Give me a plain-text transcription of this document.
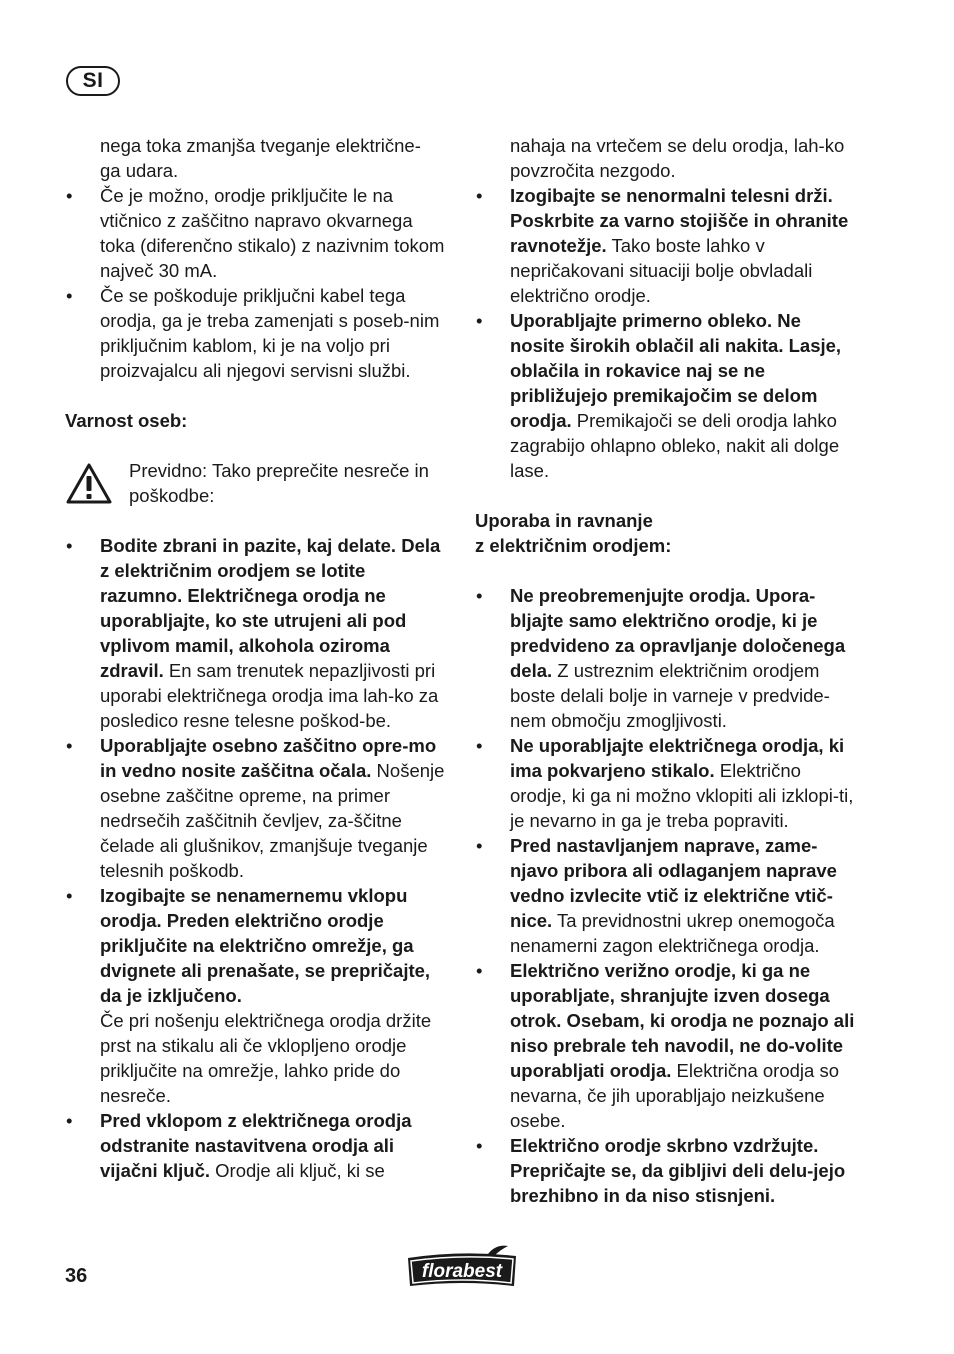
SI

nega toka zmanjša tveganje električne-
ga udara.

• Če je možno, orodje priključite le na vtičnico z zaščitno napravo okvarnega toka (diferenčno stikalo) z nazivnim tokom največ 30 mA.

• Če se poškoduje priključni kabel tega orodja, ga je treba zamenjati s poseb-nim priključnim kablom, ki je na voljo pri proizvajalcu ali njegovi servisni službi.

Varnost oseb:

Previdno: Tako preprečite nesreče in poškodbe:

• Bodite zbrani in pazite, kaj delate. Dela z električnim orodjem se lotite razumno. Električnega orodja ne uporabljajte, ko ste utrujeni ali pod vplivom mamil, alkohola oziroma zdravil. En sam trenutek nepazljivosti pri uporabi električnega orodja ima lah-ko za posledico resne telesne poškod-be.

• Uporabljajte osebno zaščitno opre-mo in vedno nosite zaščitna očala. Nošenje osebne zaščitne opreme, na primer nedrsečih zaščitnih čevljev, za-ščitne čelade ali glušnikov, zmanjšuje tveganje telesnih poškodb.

• Izogibajte se nenamernemu vklopu orodja. Preden električno orodje priključite na električno omrežje, ga dvignete ali prenašate, se prepričajte, da je izključeno.

Če pri nošenju električnega orodja držite prst na stikalu ali če vklopljeno orodje priključite na omrežje, lahko pride do nesreče.

• Pred vklopom z električnega orodja odstranite nastavitvena orodja ali vijačni ključ. Orodje ali ključ, ki se

nahaja na vrtečem se delu orodja, lah-ko povzročita nezgodo.

• Izogibajte se nenormalni telesni drži. Poskrbite za varno stojišče in ohranite ravnotežje. Tako boste lahko v nepričakovani situaciji bolje obvladali električno orodje.

• Uporabljajte primerno obleko. Ne nosite širokih oblačil ali nakita. Lasje, oblačila in rokavice naj se ne približujejo premikajočim se delom orodja. Premikajoči se deli orodja lahko zagrabijo ohlapno obleko, nakit ali dolge lase.

Uporaba in ravnanje

z električnim orodjem:

• Ne preobremenjujte orodja. Upora-bljajte samo električno orodje, ki je predvideno za opravljanje določenega dela. Z ustreznim električnim orodjem boste delali bolje in varneje v predvide-nem območju zmogljivosti.

• Ne uporabljajte električnega orodja, ki ima pokvarjeno stikalo. Električno orodje, ki ga ni možno vklopiti ali izklopi-ti, je nevarno in ga je treba popraviti.

• Pred nastavljanjem naprave, zame-njavo pribora ali odlaganjem naprave vedno izvlecite vtič iz električne vtič-nice. Ta previdnostni ukrep onemogoča nenamerni zagon električnega orodja.

• Električno verižno orodje, ki ga ne uporabljate, shranjujte izven dosega otrok. Osebam, ki orodja ne poznajo ali niso prebrale teh navodil, ne do-volite uporabljati orodja. Električna orodja so nevarna, če jih uporabljajo neizkušene osebe.

• Električno orodje skrbno vzdržujte. Prepričajte se, da gibljivi deli delu-jejo brezhibno in da niso stisnjeni.

36	florabest
